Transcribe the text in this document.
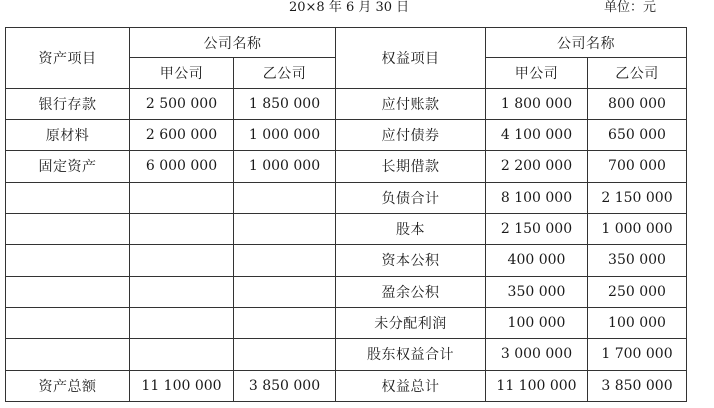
20×8 年 6 月 30 日	单位：元
资产项目	公司名称		权益项目	公司名称	
	甲公司	乙公司		甲公司	乙公司
银行存款	2 500 000	1 850 000	应付账款	1 800 000	800 000
原材料	2 600 000	1 000 000	应付债券	4 100 000	650 000
固定资产	6 000 000	1 000 000	长期借款	2 200 000	700 000
			负债合计	8 100 000	2 150 000
			股本	2 150 000	1 000 000
			资本公积	400 000	350 000
			盈余公积	350 000	250 000
			未分配利润	100 000	100 000
			股东权益合计	3 000 000	1 700 000
资产总额	11 100 000	3 850 000	权益总计	11 100 000	3 850 000
